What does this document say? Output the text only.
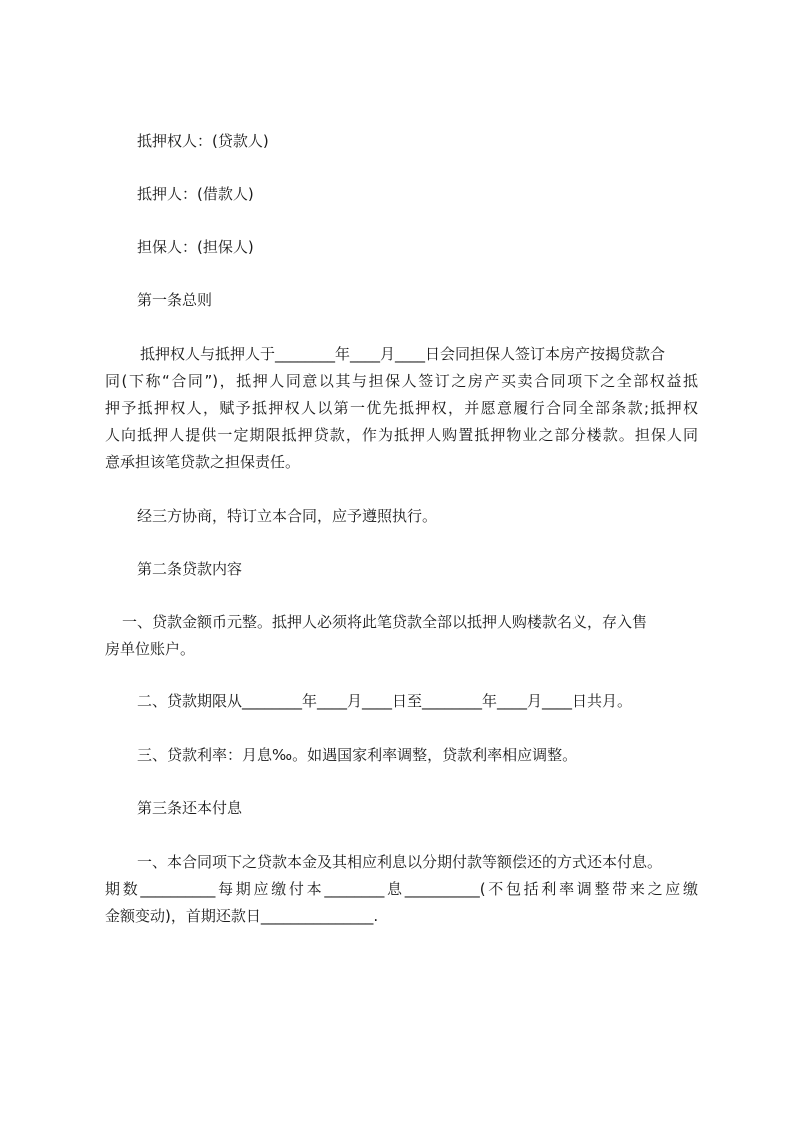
抵押权人：(贷款人)

抵押人：(借款人)

担保人：(担保人)

第一条总则

抵押权人与抵押人于________年____月____日会同担保人签订本房产按揭贷款合

同(下称“合同”)，抵押人同意以其与担保人签订之房产买卖合同项下之全部权益抵

押予抵押权人，赋予抵押权人以第一优先抵押权，并愿意履行合同全部条款;抵押权

人向抵押人提供一定期限抵押贷款，作为抵押人购置抵押物业之部分楼款。担保人同

意承担该笔贷款之担保责任。

经三方协商，特订立本合同，应予遵照执行。

第二条贷款内容

一、贷款金额币元整。抵押人必须将此笔贷款全部以抵押人购楼款名义，存入售

房单位账户。

二、贷款期限从________年____月____日至________年____月____日共月。

三、贷款利率：月息‰。如遇国家利率调整，贷款利率相应调整。

第三条还本付息

一、本合同项下之贷款本金及其相应利息以分期付款等额偿还的方式还本付息。

期数__________每期应缴付本________息__________(不包括利率调整带来之应缴

金额变动)，首期还款日_______________.
